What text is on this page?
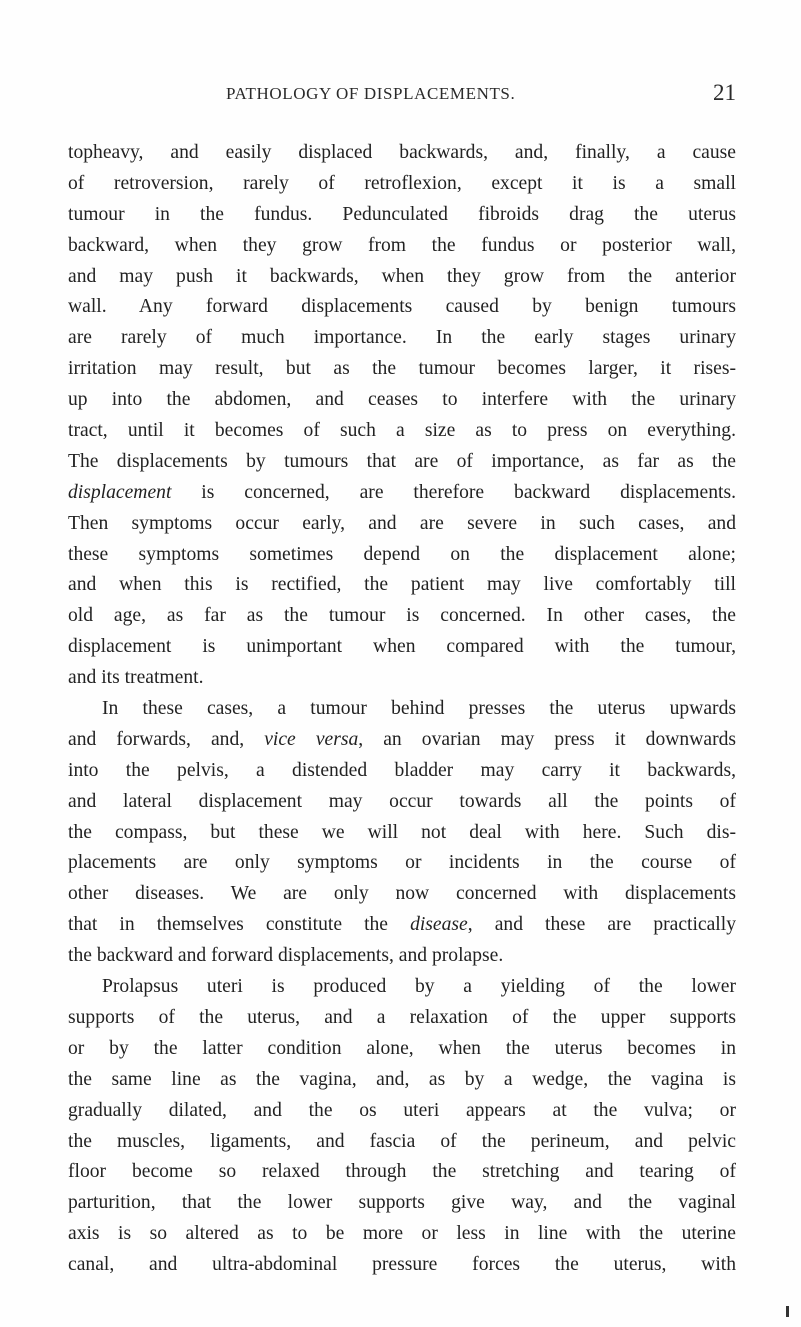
PATHOLOGY OF DISPLACEMENTS.	21
topheavy, and easily displaced backwards, and, finally, a cause
of retroversion, rarely of retroflexion, except it is a small
tumour in the fundus. Pedunculated fibroids drag the uterus
backward, when they grow from the fundus or posterior wall,
and may push it backwards, when they grow from the anterior
wall. Any forward displacements caused by benign tumours
are rarely of much importance. In the early stages urinary
irritation may result, but as the tumour becomes larger, it rises-
up into the abdomen, and ceases to interfere with the urinary
tract, until it becomes of such a size as to press on everything.
The displacements by tumours that are of importance, as far as the
displacement is concerned, are therefore backward displacements.
Then symptoms occur early, and are severe in such cases, and
these symptoms sometimes depend on the displacement alone;
and when this is rectified, the patient may live comfortably till
old age, as far as the tumour is concerned. In other cases, the
displacement is unimportant when compared with the tumour,
and its treatment.
In these cases, a tumour behind presses the uterus upwards
and forwards, and, vice versa, an ovarian may press it downwards
into the pelvis, a distended bladder may carry it backwards,
and lateral displacement may occur towards all the points of
the compass, but these we will not deal with here. Such dis-
placements are only symptoms or incidents in the course of
other diseases. We are only now concerned with displacements
that in themselves constitute the disease, and these are practically
the backward and forward displacements, and prolapse.
Prolapsus uteri is produced by a yielding of the lower
supports of the uterus, and a relaxation of the upper supports
or by the latter condition alone, when the uterus becomes in
the same line as the vagina, and, as by a wedge, the vagina is
gradually dilated, and the os uteri appears at the vulva; or
the muscles, ligaments, and fascia of the perineum, and pelvic
floor become so relaxed through the stretching and tearing of
parturition, that the lower supports give way, and the vaginal
axis is so altered as to be more or less in line with the uterine
canal, and ultra-abdominal pressure forces the uterus, with
